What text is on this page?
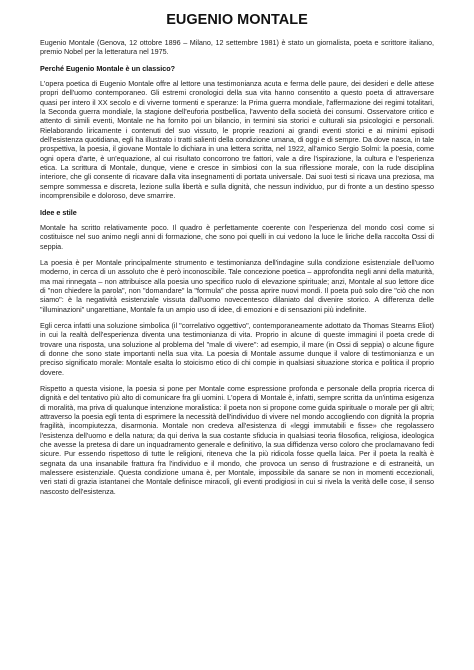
EUGENIO MONTALE
Eugenio Montale (Genova, 12 ottobre 1896 – Milano, 12 settembre 1981) è stato un giornalista, poeta e scrittore italiano, premio Nobel per la letteratura nel 1975.
Perché Eugenio Montale è un classico?
L'opera poetica di Eugenio Montale offre al lettore una testimonianza acuta e ferma delle paure, dei desideri e delle attese propri dell'uomo contemporaneo. Gli estremi cronologici della sua vita hanno consentito a questo poeta di attraversare quasi per intero il XX secolo e di viverne tormenti e speranze: la Prima guerra mondiale, l'affermazione dei regimi totalitari, la Seconda guerra mondiale, la stagione dell'euforia postbellica, l'avvento della società dei consumi. Osservatore critico e attento di simili eventi, Montale ne ha fornito poi un bilancio, in termini sia storici e culturali sia psicologici e personali. Rielaborando liricamente i contenuti del suo vissuto, le proprie reazioni ai grandi eventi storici e ai minimi episodi dell'esistenza quotidiana, egli ha illustrato i tratti salienti della condizione umana, di oggi e di sempre. Da dove nasca, in tale prospettiva, la poesia, il giovane Montale lo dichiara in una lettera scritta, nel 1922, all'amico Sergio Solmi: la poesia, come ogni opera d'arte, è un'equazione, al cui risultato concorrono tre fattori, vale a dire l'ispirazione, la cultura e l'esperienza etica. La scrittura di Montale, dunque, viene e cresce in simbiosi con la sua riflessione morale, con la rude disciplina interiore, che gli consente di ricavare dalla vita insegnamenti di portata universale. Dai suoi testi si ricava una preziosa, ma sempre sommessa e discreta, lezione sulla libertà e sulla dignità, che nessun individuo, pur di fronte a un destino spesso incomprensibile e doloroso, deve smarrire.
Idee e stile
Montale ha scritto relativamente poco. Il quadro è perfettamente coerente con l'esperienza del mondo così come si costituisce nel suo animo negli anni di formazione, che sono poi quelli in cui vedono la luce le liriche della raccolta Ossi di seppia.
La poesia è per Montale principalmente strumento e testimonianza dell'indagine sulla condizione esistenziale dell'uomo moderno, in cerca di un assoluto che è però inconoscibile. Tale concezione poetica – approfondita negli anni della maturità, ma mai rinnegata – non attribuisce alla poesia uno specifico ruolo di elevazione spirituale; anzi, Montale al suo lettore dice di "non chiedere la parola", non "domandare" la "formula" che possa aprire nuovi mondi. Il poeta può solo dire "ciò che non siamo": è la negatività esistenziale vissuta dall'uomo novecentesco dilaniato dal divenire storico. A differenza delle "illuminazioni" ungarettiane, Montale fa un ampio uso di idee, di emozioni e di sensazioni più indefinite.
Egli cerca infatti una soluzione simbolica (il "correlativo oggettivo", contemporaneamente adottato da Thomas Stearns Eliot) in cui la realtà dell'esperienza diventa una testimonianza di vita. Proprio in alcune di queste immagini il poeta crede di trovare una risposta, una soluzione al problema del "male di vivere": ad esempio, il mare (in Ossi di seppia) o alcune figure di donne che sono state importanti nella sua vita. La poesia di Montale assume dunque il valore di testimonianza e un preciso significato morale: Montale esalta lo stoicismo etico di chi compie in qualsiasi situazione storica e politica il proprio dovere.
Rispetto a questa visione, la poesia si pone per Montale come espressione profonda e personale della propria ricerca di dignità e del tentativo più alto di comunicare fra gli uomini. L'opera di Montale è, infatti, sempre scritta da un'intima esigenza di moralità, ma priva di qualunque intenzione moralistica: il poeta non si propone come guida spirituale o morale per gli altri; attraverso la poesia egli tenta di esprimere la necessità dell'individuo di vivere nel mondo accogliendo con dignità la propria fragilità, incompiutezza, disarmonia. Montale non credeva all'esistenza di «leggi immutabili e fisse» che regolassero l'esistenza dell'uomo e della natura; da qui deriva la sua costante sfiducia in qualsiasi teoria filosofica, religiosa, ideologica che avesse la pretesa di dare un inquadramento generale e definitivo, la sua diffidenza verso coloro che proclamavano fedi sicure. Pur essendo rispettoso di tutte le religioni, riteneva che la più ridicola fosse quella laica. Per il poeta la realtà è segnata da una insanabile frattura fra l'individuo e il mondo, che provoca un senso di frustrazione e di estraneità, un malessere esistenziale. Questa condizione umana è, per Montale, impossibile da sanare se non in momenti eccezionali, veri stati di grazia istantanei che Montale definisce miracoli, gli eventi prodigiosi in cui si rivela la verità delle cose, il senso nascosto dell'esistenza.
